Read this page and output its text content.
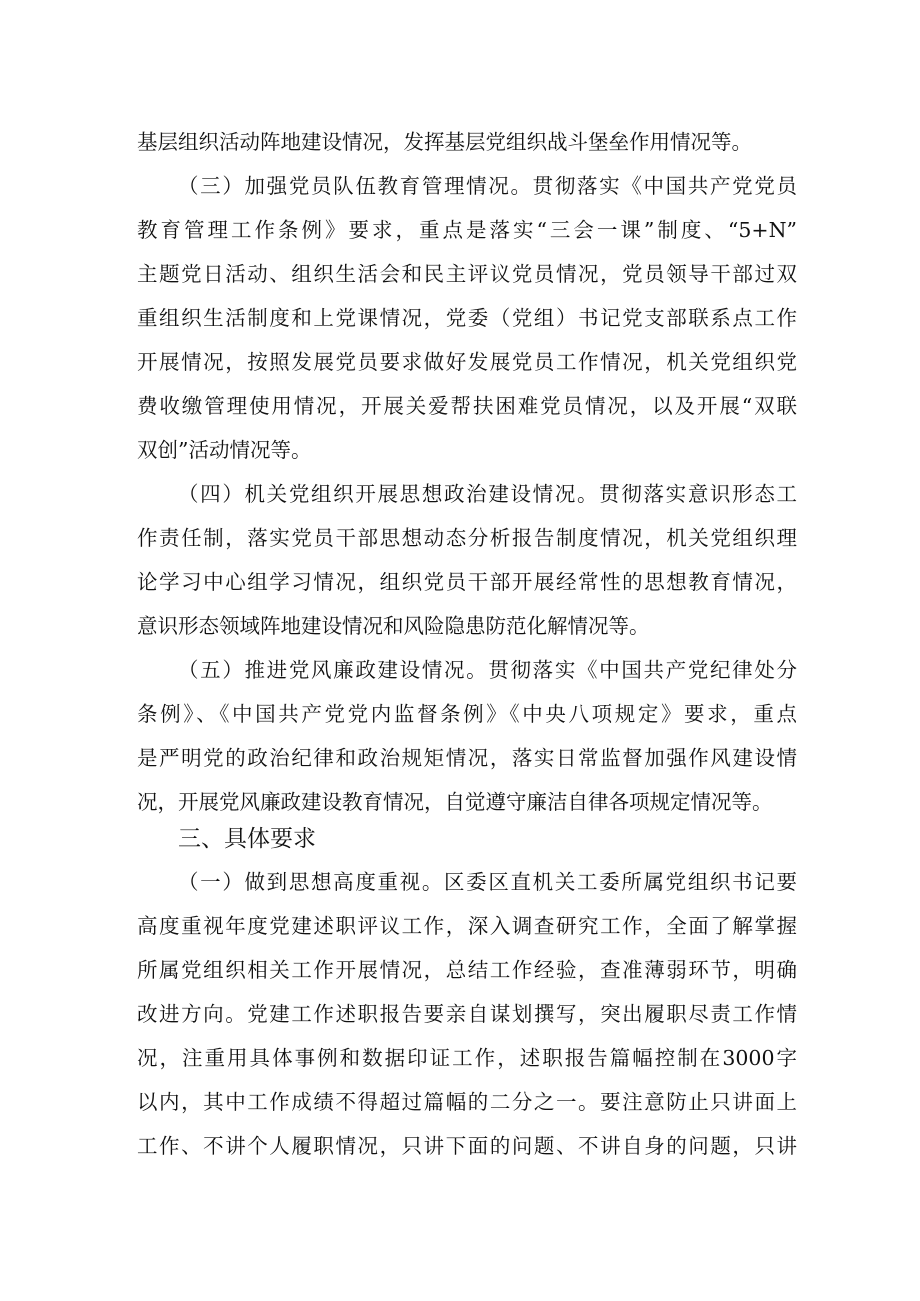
基层组织活动阵地建设情况，发挥基层党组织战斗堡垒作用情况等。
（三）加强党员队伍教育管理情况。贯彻落实《中国共产党党员
教育管理工作条例》要求，重点是落实“三会一课”制度、“5+N”
主题党日活动、组织生活会和民主评议党员情况，党员领导干部过双
重组织生活制度和上党课情况，党委（党组）书记党支部联系点工作
开展情况，按照发展党员要求做好发展党员工作情况，机关党组织党
费收缴管理使用情况，开展关爱帮扶困难党员情况，以及开展“双联
双创”活动情况等。
（四）机关党组织开展思想政治建设情况。贯彻落实意识形态工
作责任制，落实党员干部思想动态分析报告制度情况，机关党组织理
论学习中心组学习情况，组织党员干部开展经常性的思想教育情况，
意识形态领域阵地建设情况和风险隐患防范化解情况等。
（五）推进党风廉政建设情况。贯彻落实《中国共产党纪律处分
条例》、《中国共产党党内监督条例》《中央八项规定》要求，重点
是严明党的政治纪律和政治规矩情况，落实日常监督加强作风建设情
况，开展党风廉政建设教育情况，自觉遵守廉洁自律各项规定情况等。
三、具体要求
（一）做到思想高度重视。区委区直机关工委所属党组织书记要
高度重视年度党建述职评议工作，深入调查研究工作，全面了解掌握
所属党组织相关工作开展情况，总结工作经验，查准薄弱环节，明确
改进方向。党建工作述职报告要亲自谋划撰写，突出履职尽责工作情
况，注重用具体事例和数据印证工作，述职报告篇幅控制在3000字
以内，其中工作成绩不得超过篇幅的二分之一。要注意防止只讲面上
工作、不讲个人履职情况，只讲下面的问题、不讲自身的问题，只讲
